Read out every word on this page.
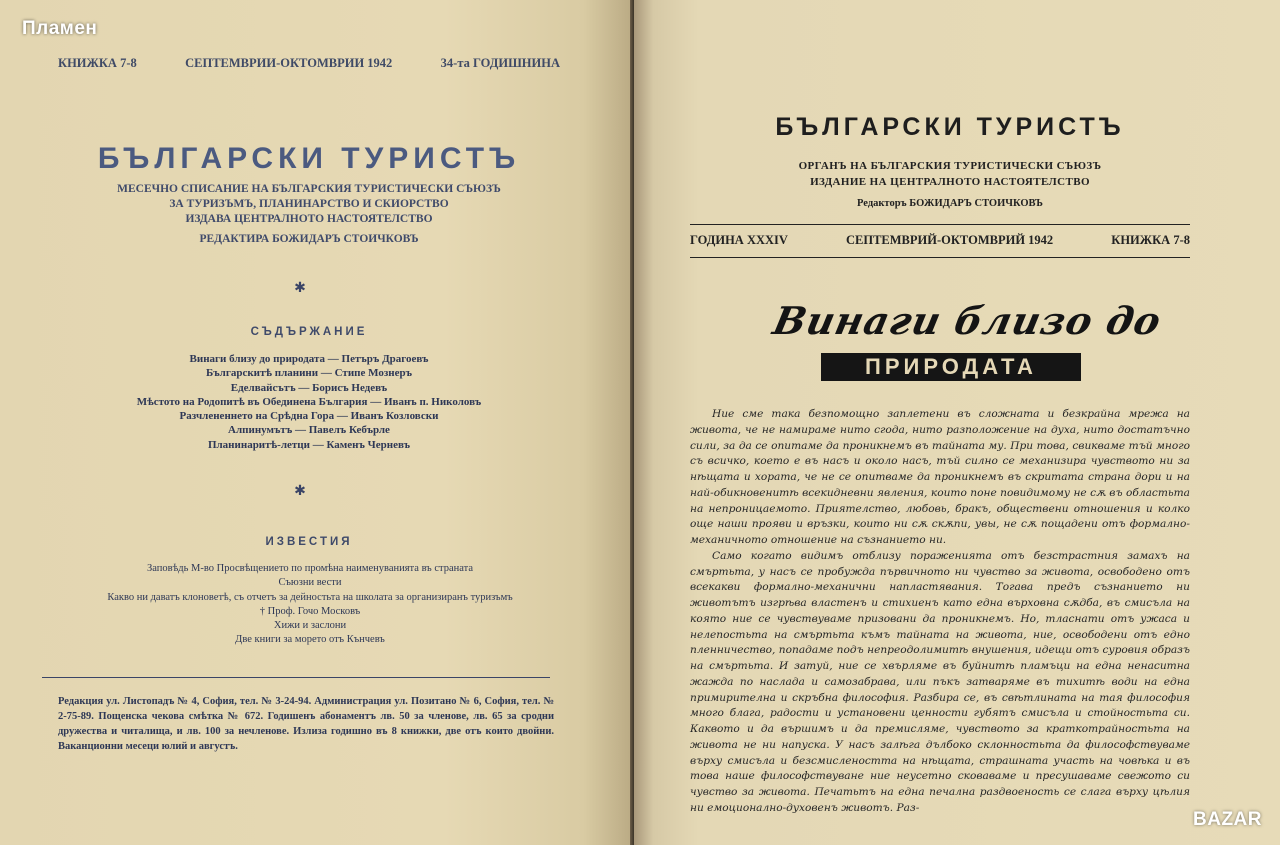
КНИЖКА 7-8	СЕПТЕМВРИИ-ОКТОМВРИИ 1942	34-та ГОДИШНИНА
БЪЛГАРСКИ ТУРИСТЪ
МЕСЕЧНО СПИСАНИЕ НА БЪЛГАРСКИЯ ТУРИСТИЧЕСКИ СЪЮЗЪ
ЗА ТУРИЗЪМЪ, ПЛАНИНАРСТВО И СКИОРСТВО
ИЗДАВА ЦЕНТРАЛНОТО НАСТОЯТЕЛСТВО
РЕДАКТИРА БОЖИДАРЪ СТОИЧКОВЪ
✱
СЪДЪРЖАНИЕ
Винаги близу до природата — Петъръ Драгоевъ
Българскитѣ планини — Стипе Мознеръ
Еделвайсътъ — Борисъ Недевъ
Мѣстото на Родопитѣ въ Обединена България — Иванъ п. Николовъ
Разчлененнето на Срѣдна Гора — Иванъ Козловски
Алпинумътъ — Павелъ Кебърле
Планинаритѣ-летци — Каменъ Черневъ
✱
ИЗВЕСТИЯ
Заповѣдь М-во Просвѣщението по промѣна наименуванията въ страната
Съюзни вести
Какво ни даватъ клоноветѣ, съ отчетъ за дейностьта на школата за организиранъ туризъмъ
† Проф. Гочо Московъ
Хижи и заслони
Две книги за морето отъ Кънчевъ
Редакция ул. Листопадъ № 4, София, тел. № 3-24-94. Администрация ул. Позитано № 6, София, тел. № 2-75-89. Пощенска чекова смѣтка № 672. Годишенъ абонаментъ лв. 50 за членове, лв. 65 за сродни дружества и читалища, и лв. 100 за нечленове. Излиза годишно въ 8 книжки, две отъ които двойни. Ваканционни месеци юлий и августъ.
Пламен
БЪЛГАРСКИ ТУРИСТЪ
ОРГАНЪ НА БЪЛГАРСКИЯ ТУРИСТИЧЕСКИ СЪЮЗЪ
ИЗДАНИЕ НА ЦЕНТРАЛНОТО НАСТОЯТЕЛСТВО
Редакторъ БОЖИДАРЪ СТОИЧКОВЪ
ГОДИНА XXXIV	СЕПТЕМВРИЙ-ОКТОМВРИЙ 1942	КНИЖКА 7-8
Винаги близо до
ПРИРОДАТА

Ние сме така безпомощно заплетени въ сложната и безкрайна мрежа на живота, че не намираме нито сгода, нито разположение на духа, нито достатъчно сили, за да се опитаме да проникнемъ въ тайната му. При това, свикваме тъй много съ всичко, което е въ насъ и около насъ, тъй силно се механизира чувството ни за нѣщата и хората, че не се опитваме да проникнемъ въ скритата страна дори и на най-обикновенитѣ всекидневни явления, които поне повидимому не сѫ въ областьта на непроницаемото. Приятелство, любовь, бракъ, обществени отношения и колко още наши прояви и връзки, които ни сѫ скѫпи, увы, не сѫ пощадени отъ формално-механичното отношение на съзнанието ни.

Само когато видимъ отблизу пораженията отъ безстрастния замахъ на смъртьта, у насъ се пробужда първичното ни чувство за живота, освободено отъ всекакви формално-механични напластявания. Тогава предъ съзнанието ни животътъ изгрѣва властенъ и стихиенъ като една върховна сѫдба, въ смисъла на която ние се чувствуваме призовани да проникнемъ. Но, тласнати отъ ужаса и нелепостьта на смъртьта къмъ тайната на живота, ние, освободени отъ едно пленничество, попадаме подъ непреодолимитѣ внушения, идещи отъ суровия образъ на смъртьта. И затуй, ние се хвърляме въ буйнитѣ пламъци на една ненаситна жажда по наслада и самозабрава, или пъкъ затваряме въ тихитѣ води на една примирителна и скръбна философия. Разбира се, въ свѣтлината на тая философия много блага, радости и установени ценности губятъ смисъла и стойностьта си. Каквото и да вършимъ и да премисляме, чувството за краткотрайностьта на живота не ни напуска. У насъ залѣга дълбоко склонностьта да философствуваме върху смисъла и безсмислеността на нѣщата, страшната участь на човѣка и въ това наше философствуване ние неусетно сковаваме и пресушаваме свежото си чувство за живота. Печатьтъ на една печална раздвоеность се слага върху цѣлия ни емоционално-духовенъ животъ. Раз-

BAZAR
